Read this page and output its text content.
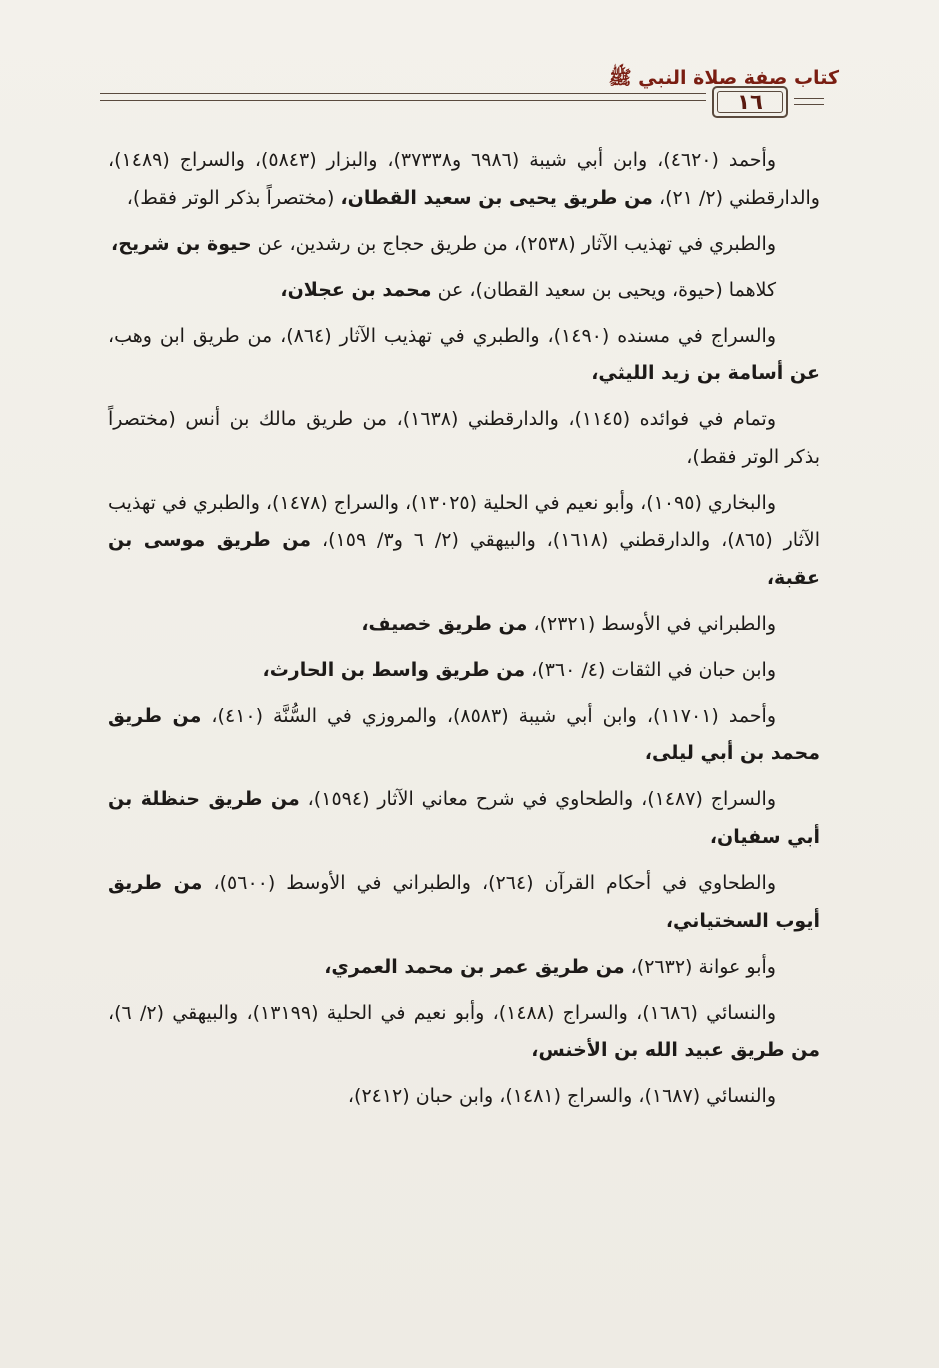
كتاب صفة صلاة النبي ﷺ
١٦

وأحمد (٤٦٢٠)، وابن أبي شيبة (٦٩٨٦ و٣٧٣٣٨)، والبزار (٥٨٤٣)، والسراج (١٤٨٩)، والدارقطني (٢/ ٢١)، من طريق يحيى بن سعيد القطان، (مختصراً بذكر الوتر فقط)،

والطبري في تهذيب الآثار (٢٥٣٨)، من طريق حجاج بن رشدين، عن حيوة بن شريح،

كلاهما (حيوة، ويحيى بن سعيد القطان)، عن محمد بن عجلان،

والسراج في مسنده (١٤٩٠)، والطبري في تهذيب الآثار (٨٦٤)، من طريق ابن وهب، عن أسامة بن زيد الليثي،

وتمام في فوائده (١١٤٥)، والدارقطني (١٦٣٨)، من طريق مالك بن أنس (مختصراً بذكر الوتر فقط)،

والبخاري (١٠٩٥)، وأبو نعيم في الحلية (١٣٠٢٥)، والسراج (١٤٧٨)، والطبري في تهذيب الآثار (٨٦٥)، والدارقطني (١٦١٨)، والبيهقي (٢/ ٦ و٣/ ١٥٩)، من طريق موسى بن عقبة،

والطبراني في الأوسط (٢٣٢١)، من طريق خصيف،

وابن حبان في الثقات (٤/ ٣٦٠)، من طريق واسط بن الحارث،

وأحمد (١١٧٠١)، وابن أبي شيبة (٨٥٨٣)، والمروزي في السُّنَّة (٤١٠)، من طريق محمد بن أبي ليلى،

والسراج (١٤٨٧)، والطحاوي في شرح معاني الآثار (١٥٩٤)، من طريق حنظلة بن أبي سفيان،

والطحاوي في أحكام القرآن (٢٦٤)، والطبراني في الأوسط (٥٦٠٠)، من طريق أيوب السختياني،

وأبو عوانة (٢٦٣٢)، من طريق عمر بن محمد العمري،

والنسائي (١٦٨٦)، والسراج (١٤٨٨)، وأبو نعيم في الحلية (١٣١٩٩)، والبيهقي (٢/ ٦)، من طريق عبيد الله بن الأخنس،

والنسائي (١٦٨٧)، والسراج (١٤٨١)، وابن حبان (٢٤١٢)،
